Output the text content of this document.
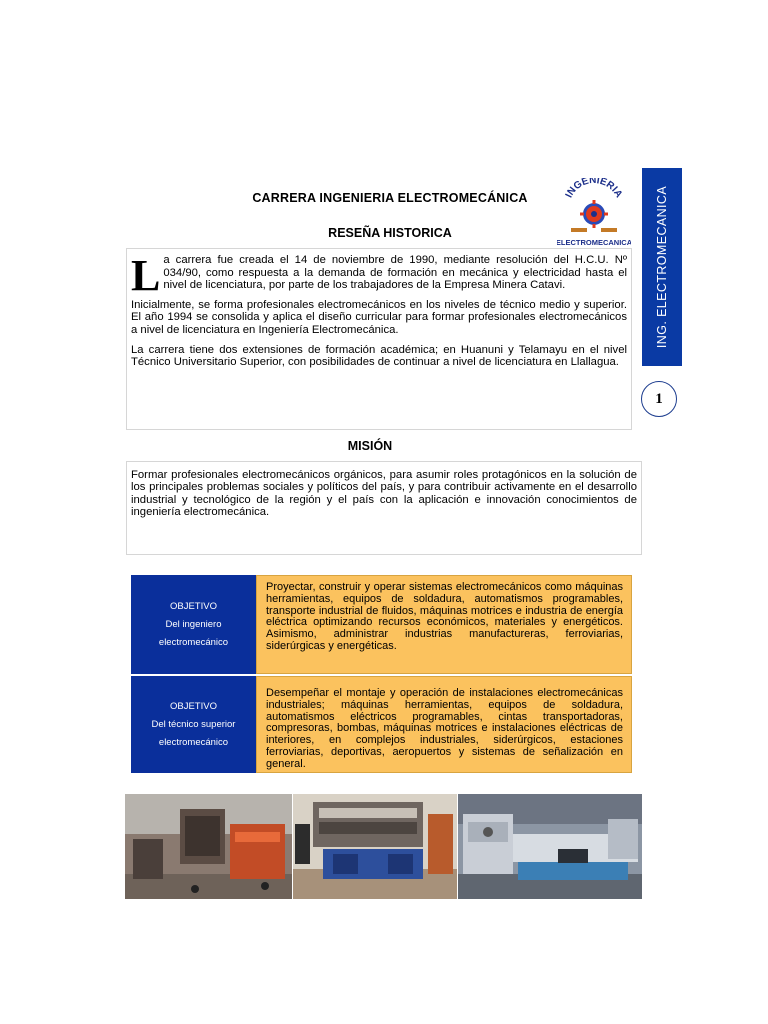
CARRERA INGENIERIA ELECTROMECÁNICA
RESEÑA HISTORICA
INGENIERIA
ELECTROMECANICA ING. ELECTROMECANICA
1

La carrera fue creada el 14 de noviembre de 1990, mediante resolución del H.C.U. Nº 034/90, como respuesta a la demanda de formación en mecánica y electricidad hasta el nivel de licenciatura, por parte de los trabajadores de la Empresa Minera Catavi.

Inicialmente, se forma profesionales electromecánicos en los niveles de técnico medio y superior. El año 1994 se consolida y aplica el diseño curricular para formar profesionales electromecánicos a nivel de licenciatura en Ingeniería Electromecánica.

La carrera tiene dos extensiones de formación académica; en Huanuni y Telamayu en el nivel Técnico Universitario Superior, con posibilidades de continuar a nivel de licenciatura en Llallagua.

MISIÓN

Formar profesionales electromecánicos orgánicos, para asumir roles protagónicos en la solución de los principales problemas sociales y políticos del país, y para contribuir activamente en el desarrollo industrial y tecnológico de la región y el país con la aplicación e innovación conocimientos de ingeniería electromecánica.

OBJETIVO
Del ingeniero
electromecánico
Proyectar, construir y operar sistemas electromecánicos como máquinas herramientas, equipos de soldadura, automatismos programables, transporte industrial de fluidos, máquinas motrices e industria de energía eléctrica optimizando recursos económicos, materiales y energéticos. Asimismo, administrar industrias manufactureras, ferroviarias, siderúrgicas y energéticas.
OBJETIVO
Del técnico superior
electromecánico
Desempeñar el montaje y operación de instalaciones electromecánicas industriales; máquinas herramientas, equipos de soldadura, automatismos eléctricos programables, cintas transportadoras, compresoras, bombas, máquinas motrices e instalaciones eléctricas de interiores, en complejos industriales, siderúrgicos, estaciones ferroviarias, deportivas, aeropuertos y sistemas de señalización en general.
